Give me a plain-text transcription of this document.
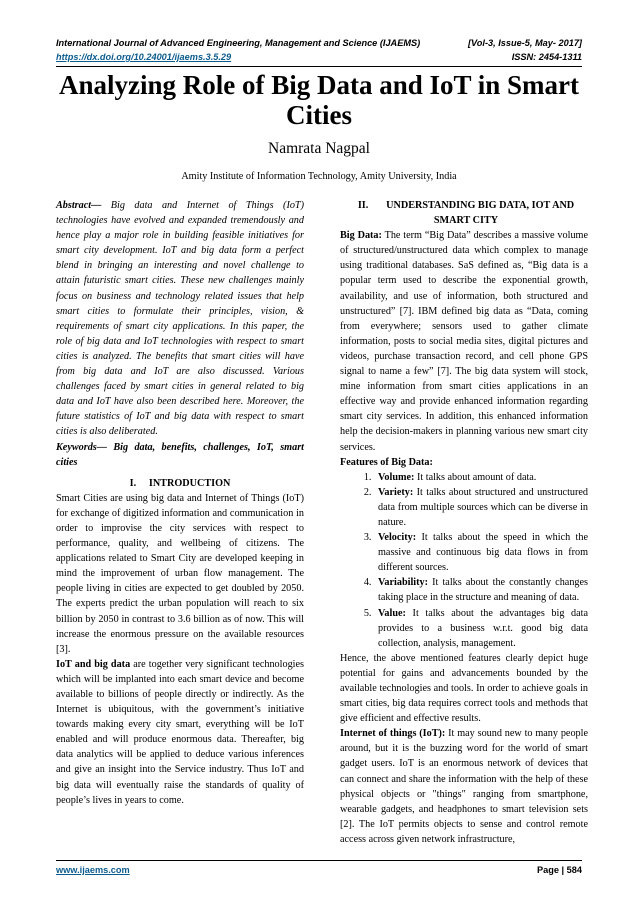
International Journal of Advanced Engineering, Management and Science (IJAEMS)	[Vol-3, Issue-5, May- 2017]
https://dx.doi.org/10.24001/ijaems.3.5.29	ISSN: 2454-1311
Analyzing Role of Big Data and IoT in Smart Cities
Namrata Nagpal
Amity Institute of Information Technology, Amity University, India

Abstract— Big data and Internet of Things (IoT) technologies have evolved and expanded tremendously and hence play a major role in building feasible initiatives for smart city development. IoT and big data form a perfect blend in bringing an interesting and novel challenge to attain futuristic smart cities. These new challenges mainly focus on business and technology related issues that help smart cities to formulate their principles, vision, & requirements of smart city applications. In this paper, the role of big data and IoT technologies with respect to smart cities is analyzed. The benefits that smart cities will have from big data and IoT are also discussed. Various challenges faced by smart cities in general related to big data and IoT have also been described here. Moreover, the future statistics of IoT and big data with respect to smart cities is also deliberated.

Keywords— Big data, benefits, challenges, IoT, smart cities

I.     INTRODUCTION

Smart Cities are using big data and Internet of Things (IoT) for exchange of digitized information and communication in order to improvise the city services with respect to performance, quality, and wellbeing of citizens. The applications related to Smart City are developed keeping in mind the improvement of urban flow management. The people living in cities are expected to get doubled by 2050. The experts predict the urban population will reach to six billion by 2050 in contrast to 3.6 billion as of now. This will increase the enormous pressure on the available resources [3].

IoT and big data are together very significant technologies which will be implanted into each smart device and become available to billions of people directly or indirectly. As the Internet is ubiquitous, with the government’s initiative towards making every city smart, everything will be IoT enabled and will produce enormous data. Thereafter, big data analytics will be applied to deduce various inferences and give an insight into the Service industry. Thus IoT and big data will eventually raise the standards of quality of people’s lives in years to come.

II.       UNDERSTANDING BIG DATA, IOT AND SMART CITY

Big Data: The term “Big Data” describes a massive volume of structured/unstructured data which complex to manage using traditional databases. SaS defined as, “Big data is a popular term used to describe the exponential growth, availability, and use of information, both structured and unstructured” [7]. IBM defined big data as “Data, coming from everywhere; sensors used to gather climate information, posts to social media sites, digital pictures and videos, purchase transaction record, and cell phone GPS signal to name a few” [7]. The big data system will stock, mine information from smart cities applications in an effective way and provide enhanced information regarding smart city services. In addition, this enhanced information help the decision-makers in planning various new smart city services.

Features of Big Data:

1. Volume: It talks about amount of data.
2. Variety: It talks about structured and unstructured data from multiple sources which can be diverse in nature.
3. Velocity: It talks about the speed in which the massive and continuous big data flows in from different sources.
4. Variability: It talks about the constantly changes taking place in the structure and meaning of data.
5. Value: It talks about the advantages big data provides to a business w.r.t. good big data collection, analysis, management.

Hence, the above mentioned features clearly depict huge potential for gains and advancements bounded by the available technologies and tools. In order to achieve goals in smart cities, big data requires correct tools and methods that give efficient and effective results.

Internet of things (IoT): It may sound new to many people around, but it is the buzzing word for the world of smart gadget users. IoT is an enormous network of devices that can connect and share the information with the help of these physical objects or "things" ranging from smartphone, wearable gadgets, and headphones to smart television sets [2]. The IoT permits objects to sense and control remote access across given network infrastructure,

www.ijaems.com	Page | 584
